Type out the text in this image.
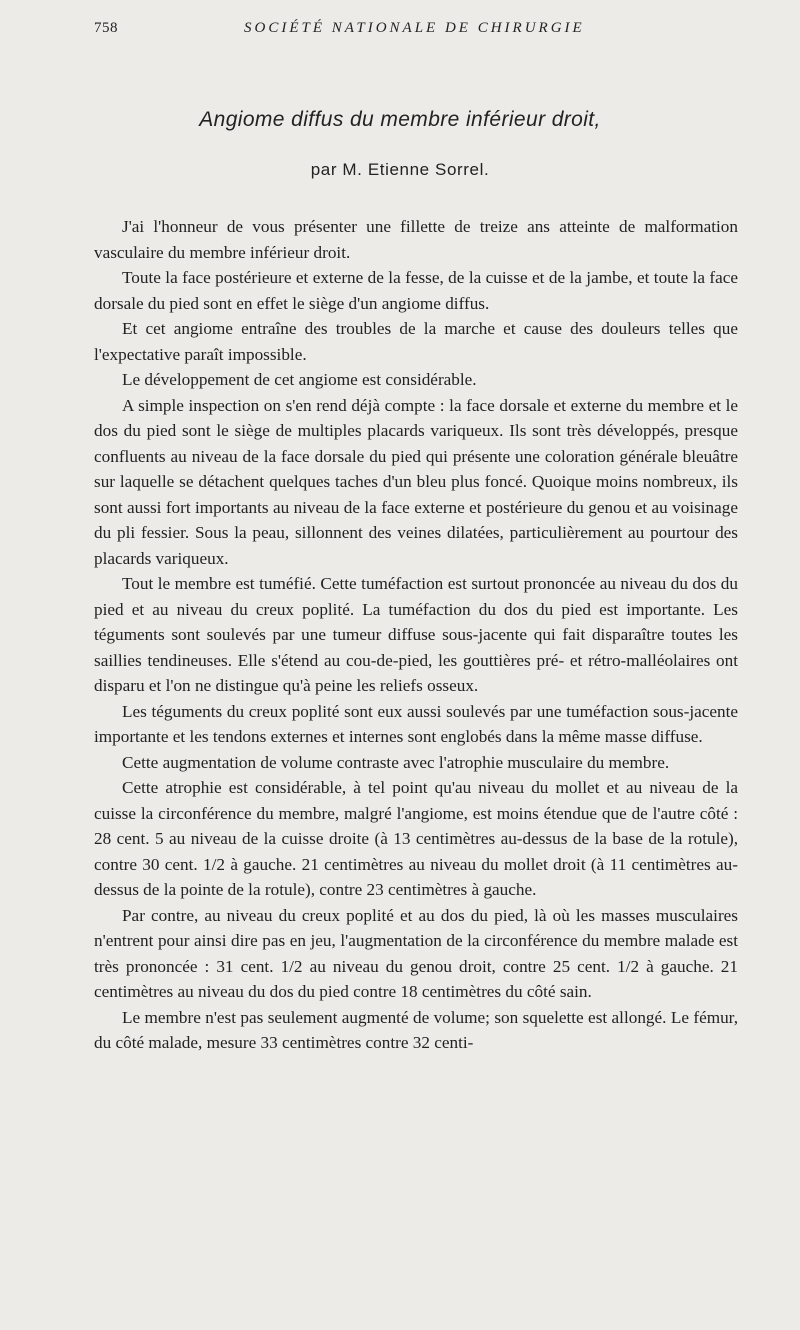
758	SOCIÉTÉ NATIONALE DE CHIRURGIE
Angiome diffus du membre inférieur droit,
par M. Etienne Sorrel.

J'ai l'honneur de vous présenter une fillette de treize ans atteinte de malformation vasculaire du membre inférieur droit.

Toute la face postérieure et externe de la fesse, de la cuisse et de la jambe, et toute la face dorsale du pied sont en effet le siège d'un angiome diffus.

Et cet angiome entraîne des troubles de la marche et cause des douleurs telles que l'expectative paraît impossible.

Le développement de cet angiome est considérable.

A simple inspection on s'en rend déjà compte : la face dorsale et externe du membre et le dos du pied sont le siège de multiples placards variqueux. Ils sont très développés, presque confluents au niveau de la face dorsale du pied qui présente une coloration générale bleuâtre sur laquelle se détachent quelques taches d'un bleu plus foncé. Quoique moins nombreux, ils sont aussi fort importants au niveau de la face externe et postérieure du genou et au voisinage du pli fessier. Sous la peau, sillonnent des veines dilatées, particulièrement au pourtour des placards variqueux.

Tout le membre est tuméfié. Cette tuméfaction est surtout prononcée au niveau du dos du pied et au niveau du creux poplité. La tuméfaction du dos du pied est importante. Les téguments sont soulevés par une tumeur diffuse sous-jacente qui fait disparaître toutes les saillies tendineuses. Elle s'étend au cou-de-pied, les gouttières pré- et rétro-malléolaires ont disparu et l'on ne distingue qu'à peine les reliefs osseux.

Les téguments du creux poplité sont eux aussi soulevés par une tuméfaction sous-jacente importante et les tendons externes et internes sont englobés dans la même masse diffuse.

Cette augmentation de volume contraste avec l'atrophie musculaire du membre.

Cette atrophie est considérable, à tel point qu'au niveau du mollet et au niveau de la cuisse la circonférence du membre, malgré l'angiome, est moins étendue que de l'autre côté : 28 cent. 5 au niveau de la cuisse droite (à 13 centimètres au-dessus de la base de la rotule), contre 30 cent. 1/2 à gauche. 21 centimètres au niveau du mollet droit (à 11 centimètres au-dessus de la pointe de la rotule), contre 23 centimètres à gauche.

Par contre, au niveau du creux poplité et au dos du pied, là où les masses musculaires n'entrent pour ainsi dire pas en jeu, l'augmentation de la circonférence du membre malade est très prononcée : 31 cent. 1/2 au niveau du genou droit, contre 25 cent. 1/2 à gauche. 21 centimètres au niveau du dos du pied contre 18 centimètres du côté sain.

Le membre n'est pas seulement augmenté de volume; son squelette est allongé. Le fémur, du côté malade, mesure 33 centimètres contre 32 centi-
